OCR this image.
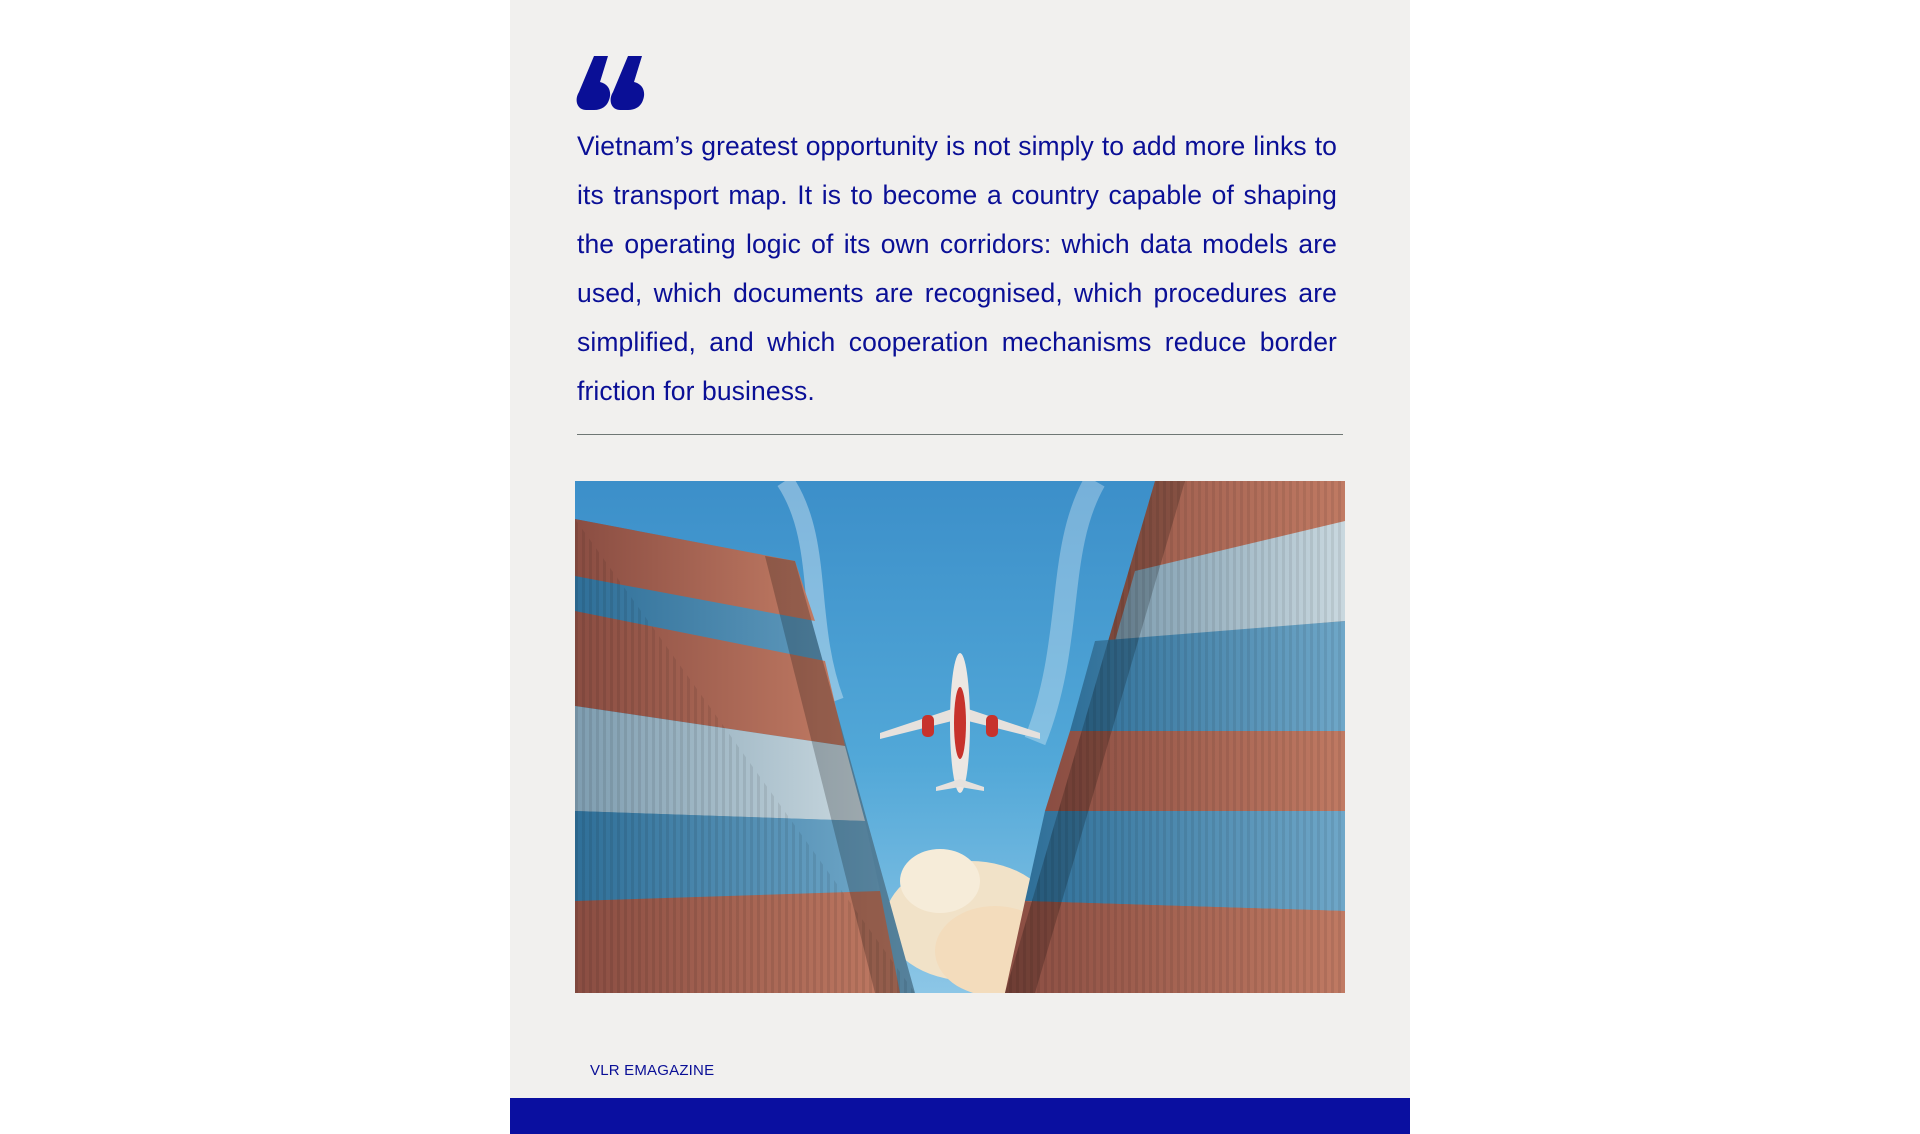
Vietnam’s greatest opportunity is not simply to add more links to its transport map. It is to become a country capable of shaping the operating logic of its own corridors: which data models are used, which documents are recognised, which procedures are simplified, and which cooperation mechanisms reduce border friction for business.

VLR EMAGAZINE
